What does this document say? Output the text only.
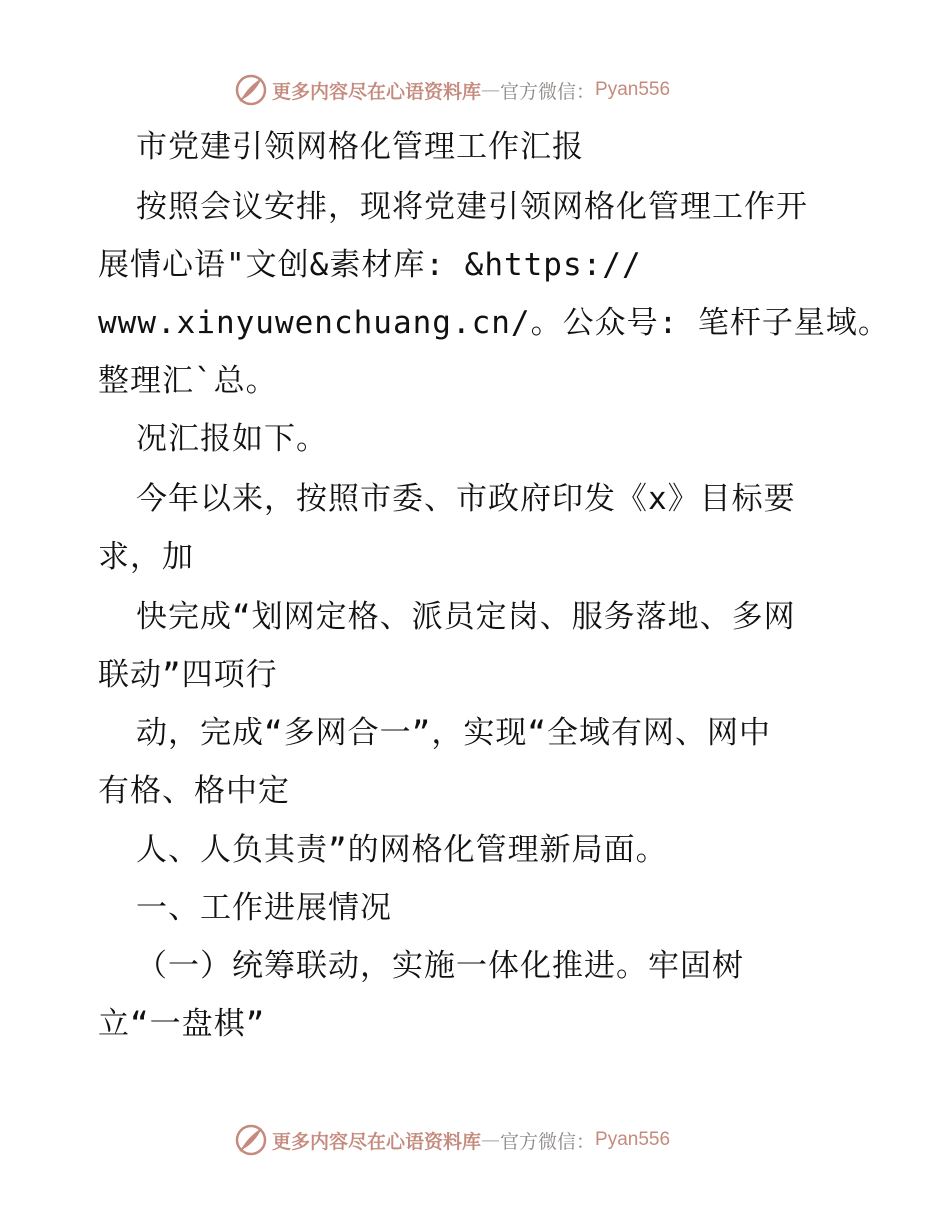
更多内容尽在心语资料库 — 官方微信： Pyan556
市党建引领网格化管理工作汇报
按照会议安排，现将党建引领网格化管理工作开
展情心语"文创&素材库: &https://
www.xinyuwenchuang.cn/。公众号: 笔杆子星域。
整理汇`总。
况汇报如下。
今年以来，按照市委、市政府印发《x》目标要
求，加
快完成“划网定格、派员定岗、服务落地、多网
联动”四项行
动，完成“多网合一”，实现“全域有网、网中
有格、格中定
人、人负其责”的网格化管理新局面。
一、工作进展情况
（一）统筹联动，实施一体化推进。牢固树
立“一盘棋”
更多内容尽在心语资料库 — 官方微信： Pyan556
